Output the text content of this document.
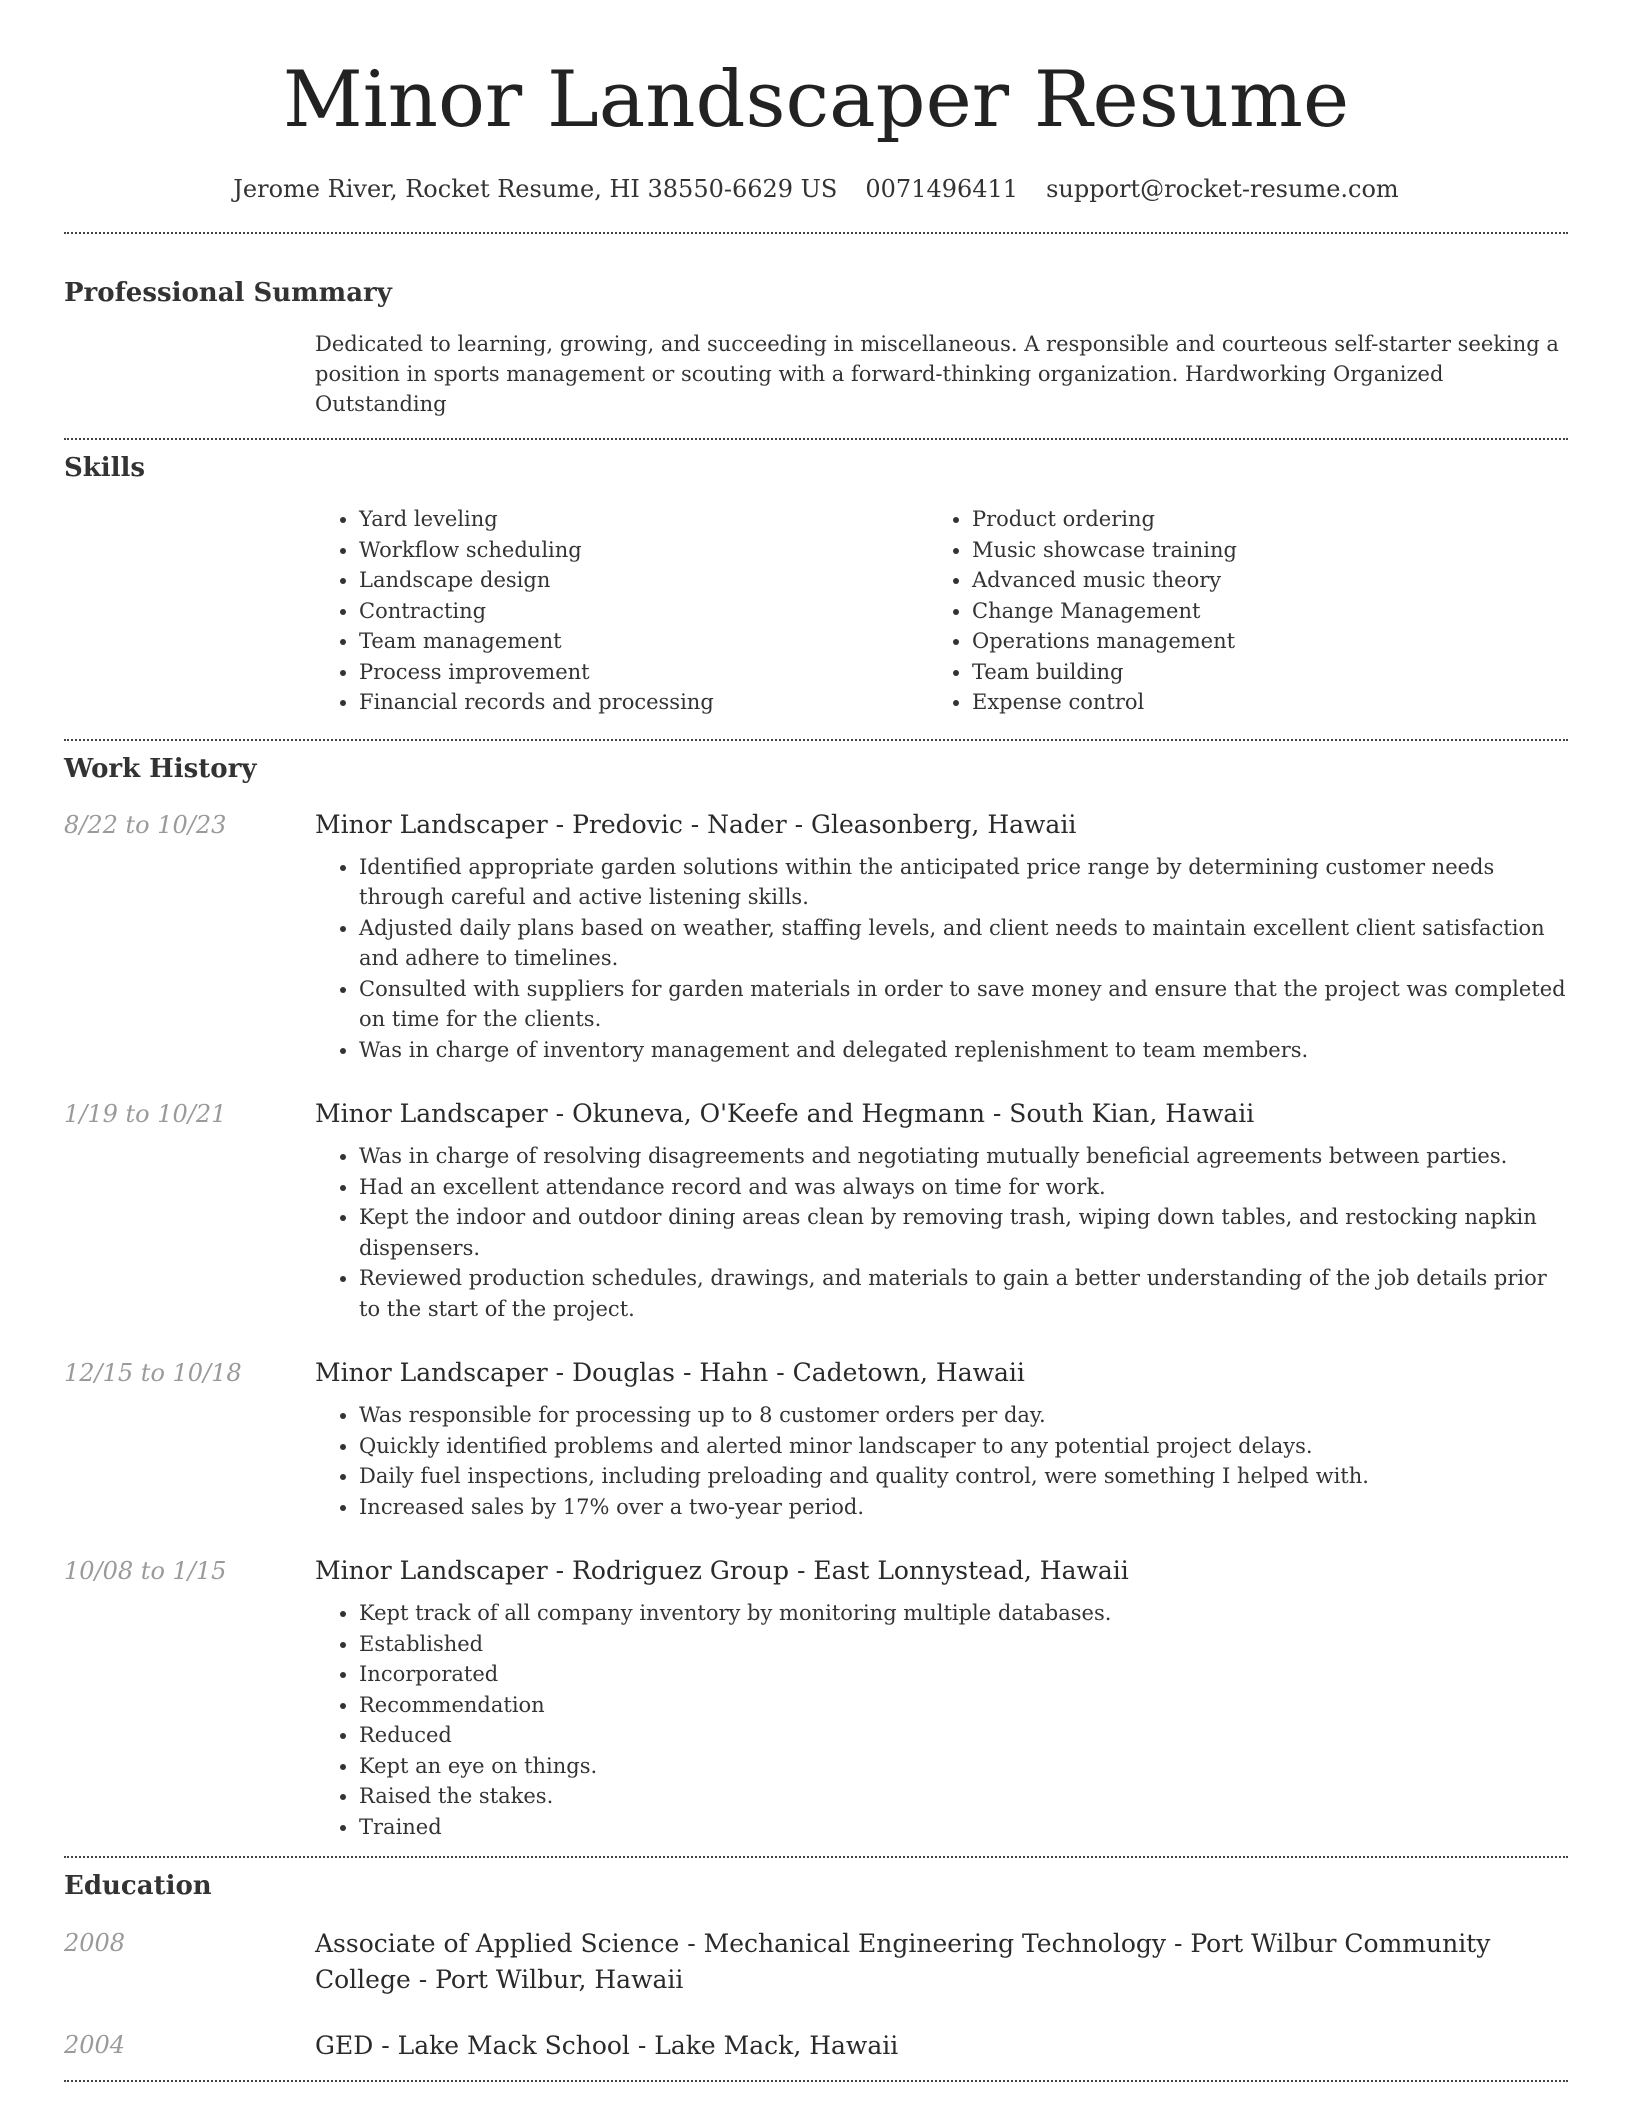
Minor Landscaper Resume
Jerome River, Rocket Resume, HI 38550-6629 US 0071496411 support@rocket-resume.com
Professional Summary
Dedicated to learning, growing, and succeeding in miscellaneous. A responsible and courteous self-starter seeking a position in sports management or scouting with a forward-thinking organization. Hardworking Organized Outstanding
Skills
• Yard leveling
• Workflow scheduling
• Landscape design
• Contracting
• Team management
• Process improvement
• Financial records and processing
• Product ordering
• Music showcase training
• Advanced music theory
• Change Management
• Operations management
• Team building
• Expense control
Work History
8/22 to 10/23	Minor Landscaper - Predovic - Nader - Gleasonberg, Hawaii
• Identified appropriate garden solutions within the anticipated price range by determining customer needs through careful and active listening skills.
• Adjusted daily plans based on weather, staffing levels, and client needs to maintain excellent client satisfaction and adhere to timelines.
• Consulted with suppliers for garden materials in order to save money and ensure that the project was completed on time for the clients.
• Was in charge of inventory management and delegated replenishment to team members.
1/19 to 10/21	Minor Landscaper - Okuneva, O'Keefe and Hegmann - South Kian, Hawaii
• Was in charge of resolving disagreements and negotiating mutually beneficial agreements between parties.
• Had an excellent attendance record and was always on time for work.
• Kept the indoor and outdoor dining areas clean by removing trash, wiping down tables, and restocking napkin dispensers.
• Reviewed production schedules, drawings, and materials to gain a better understanding of the job details prior to the start of the project.
12/15 to 10/18	Minor Landscaper - Douglas - Hahn - Cadetown, Hawaii
• Was responsible for processing up to 8 customer orders per day.
• Quickly identified problems and alerted minor landscaper to any potential project delays.
• Daily fuel inspections, including preloading and quality control, were something I helped with.
• Increased sales by 17% over a two-year period.
10/08 to 1/15	Minor Landscaper - Rodriguez Group - East Lonnystead, Hawaii
• Kept track of all company inventory by monitoring multiple databases.
• Established
• Incorporated
• Recommendation
• Reduced
• Kept an eye on things.
• Raised the stakes.
• Trained
Education
2008	Associate of Applied Science - Mechanical Engineering Technology - Port Wilbur Community College - Port Wilbur, Hawaii
2004	GED - Lake Mack School - Lake Mack, Hawaii
